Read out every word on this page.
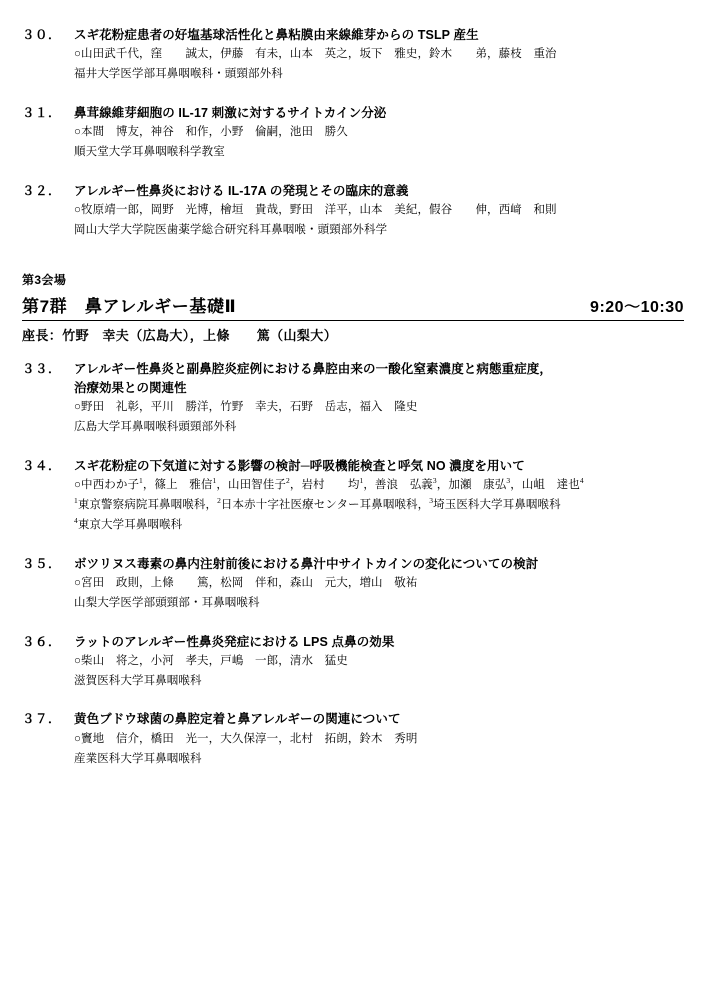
３０．	スギ花粉症患者の好塩基球活性化と鼻粘膜由来線維芽からの TSLP 産生
○山田武千代，窪　　誠太，伊藤　有未，山本　英之，坂下　雅史，鈴木　　弟，藤枝　重治
福井大学医学部耳鼻咽喉科・頭頸部外科
３１．	鼻茸線維芽細胞の IL-17 刺激に対するサイトカイン分泌
○本間　博友，神谷　和作，小野　倫嗣，池田　勝久
順天堂大学耳鼻咽喉科学教室
３２．	アレルギー性鼻炎における IL-17A の発現とその臨床的意義
○牧原靖一郎，岡野　光博，檜垣　貴哉，野田　洋平，山本　美紀，假谷　　伸，西﨑　和則
岡山大学大学院医歯薬学総合研究科耳鼻咽喉・頭頸部外科学
第3会場
第7群　鼻アレルギー基礎Ⅱ	9:20〜10:30
座長：竹野　幸夫（広島大），上條　　篤（山梨大）
３３．	アレルギー性鼻炎と副鼻腔炎症例における鼻腔由来の一酸化窒素濃度と病態重症度，
治療効果との関連性
○野田　礼彰，平川　勝洋，竹野　幸夫，石野　岳志，福入　隆史
広島大学耳鼻咽喉科頭頸部外科
３４．	スギ花粉症の下気道に対する影響の検討─呼吸機能検査と呼気 NO 濃度を用いて
○中西わか子$^1$，篠上　雅信$^1$，山田智佳子$^2$，岩村　　均$^1$，善浪　弘義$^3$，加瀬　康弘$^3$，山岨　達也$^4$
$^1$東京警察病院耳鼻咽喉科，$^2$日本赤十字社医療センター耳鼻咽喉科，$^3$埼玉医科大学耳鼻咽喉科
$^4$東京大学耳鼻咽喉科
３５．	ボツリヌス毒素の鼻内注射前後における鼻汁中サイトカインの変化についての検討
○宮田　政則，上條　　篤，松岡　伴和，森山　元大，増山　敬祐
山梨大学医学部頭頸部・耳鼻咽喉科
３６．	ラットのアレルギー性鼻炎発症における LPS 点鼻の効果
○柴山　将之，小河　孝夫，戸嶋　一郎，清水　猛史
滋賀医科大学耳鼻咽喉科
３７．	黄色ブドウ球菌の鼻腔定着と鼻アレルギーの関連について
○竇地　信介，橋田　光一，大久保淳一，北村　拓朗，鈴木　秀明
産業医科大学耳鼻咽喉科
